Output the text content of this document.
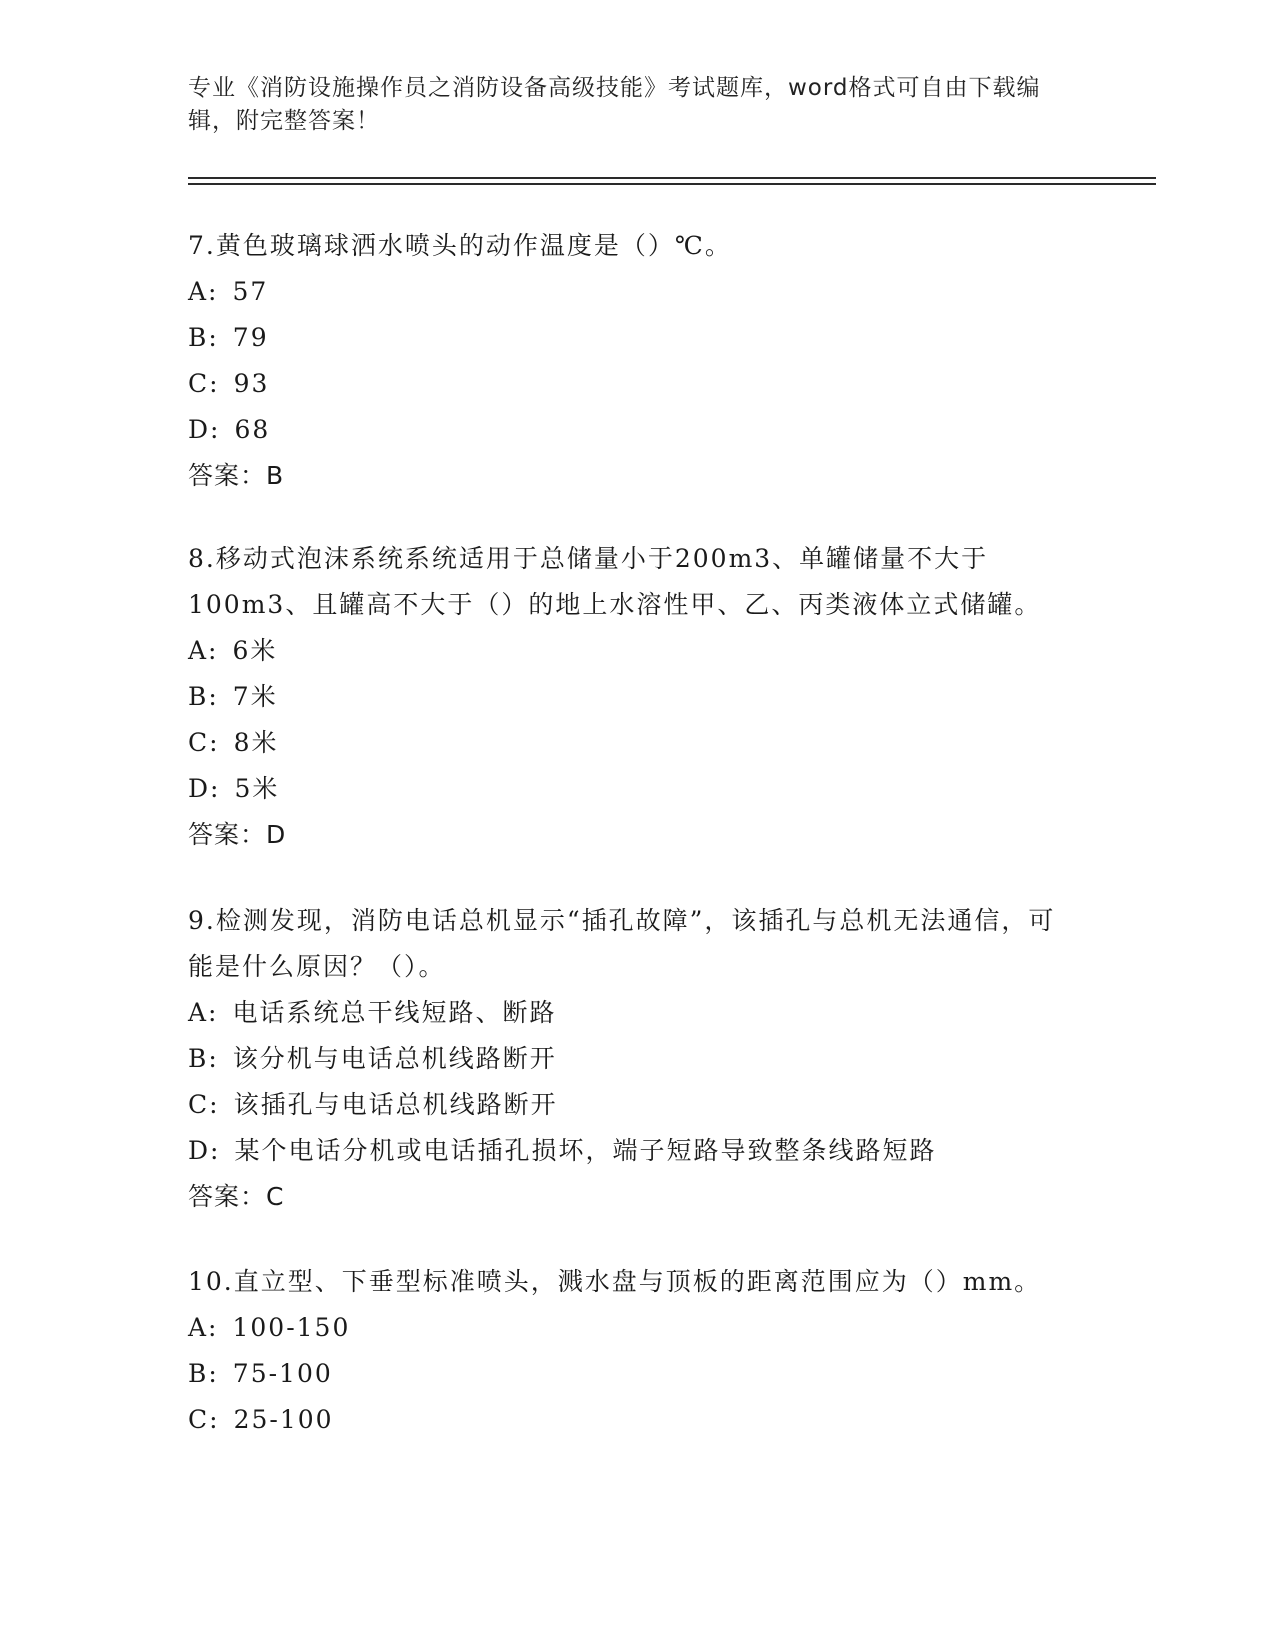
专业《消防设施操作员之消防设备高级技能》考试题库，word格式可自由下载编辑，附完整答案！

7.黄色玻璃球洒水喷头的动作温度是（）℃。

A: 57

B: 79

C: 93

D: 68

答案：B

8.移动式泡沫系统系统适用于总储量小于200m3、单罐储量不大于100m3、且罐高不大于（）的地上水溶性甲、乙、丙类液体立式储罐。

A: 6米

B: 7米

C: 8米

D: 5米

答案：D

9.检测发现，消防电话总机显示“插孔故障”，该插孔与总机无法通信，可能是什么原因？（）。

A: 电话系统总干线短路、断路

B: 该分机与电话总机线路断开

C: 该插孔与电话总机线路断开

D: 某个电话分机或电话插孔损坏，端子短路导致整条线路短路

答案：C

10.直立型、下垂型标准喷头，溅水盘与顶板的距离范围应为（）mm。

A: 100-150

B: 75-100

C: 25-100
